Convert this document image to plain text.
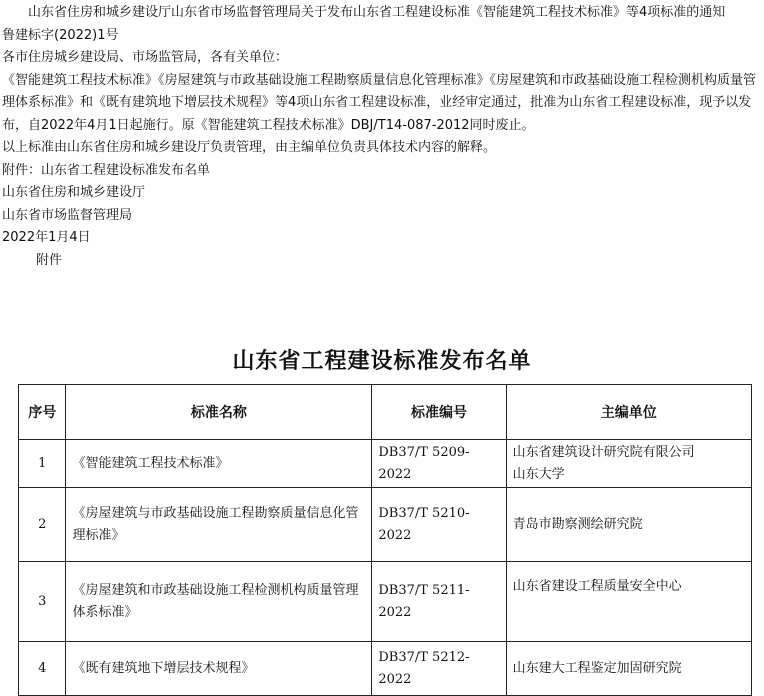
山东省住房和城乡建设厅山东省市场监督管理局关于发布山东省工程建设标准《智能建筑工程技术标准》等4项标准的通知

鲁建标字(2022)1号

各市住房城乡建设局、市场监管局，各有关单位：

《智能建筑工程技术标准》《房屋建筑与市政基础设施工程勘察质量信息化管理标准》《房屋建筑和市政基础设施工程检测机构质量管理体系标准》和《既有建筑地下增层技术规程》等4项山东省工程建设标准，业经审定通过，批准为山东省工程建设标准，现予以发布，自2022年4月1日起施行。原《智能建筑工程技术标准》DBJ/T14-087-2012同时废止。

以上标准由山东省住房和城乡建设厅负责管理，由主编单位负责具体技术内容的解释。

附件：山东省工程建设标准发布名单

山东省住房和城乡建设厅

山东省市场监督管理局

2022年1月4日

附件

山东省工程建设标准发布名单
序号	标准名称	标准编号	主编单位
1	《智能建筑工程技术标准》	DB37/T 5209-2022	山东省建筑设计研究院有限公司
山东大学
2	《房屋建筑与市政基础设施工程勘察质量信息化管理标准》	DB37/T 5210-2022	青岛市勘察测绘研究院
3	《房屋建筑和市政基础设施工程检测机构质量管理体系标准》	DB37/T 5211-2022	山东省建设工程质量安全中心
4	《既有建筑地下增层技术规程》	DB37/T 5212-2022	山东建大工程鉴定加固研究院
